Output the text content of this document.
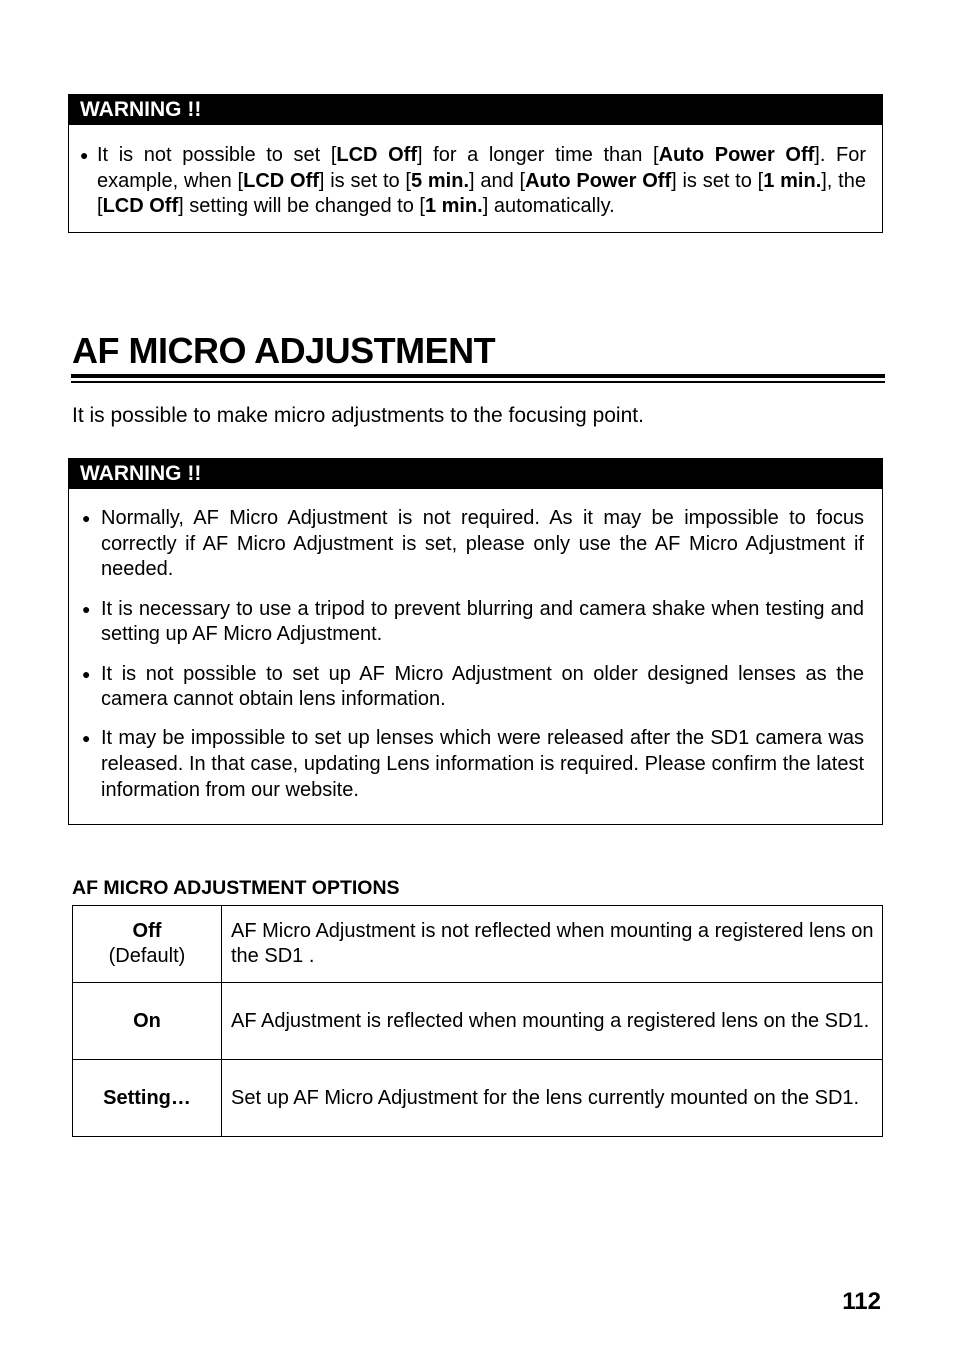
WARNING !!
● It is not possible to set [LCD Off] for a longer time than [Auto Power Off]. For example, when [LCD Off] is set to [5 min.] and [Auto Power Off] is set to [1 min.], the [LCD Off] setting will be changed to [1 min.] automatically.
AF MICRO ADJUSTMENT
It is possible to make micro adjustments to the focusing point.
WARNING !!
● Normally, AF Micro Adjustment is not required. As it may be impossible to focus correctly if AF Micro Adjustment is set, please only use the AF Micro Adjustment if needed.
● It is necessary to use a tripod to prevent blurring and camera shake when testing and setting up AF Micro Adjustment.
● It is not possible to set up AF Micro Adjustment on older designed lenses as the camera cannot obtain lens information.
● It may be impossible to set up lenses which were released after the SD1 camera was released. In that case, updating Lens information is required. Please confirm the latest information from our website.
AF MICRO ADJUSTMENT OPTIONS
Off
(Default)	AF Micro Adjustment is not reflected when mounting a registered lens on the SD1 .
On	AF Adjustment is reflected when mounting a registered lens on the SD1.
Setting…	Set up AF Micro Adjustment for the lens currently mounted on the SD1.
112
